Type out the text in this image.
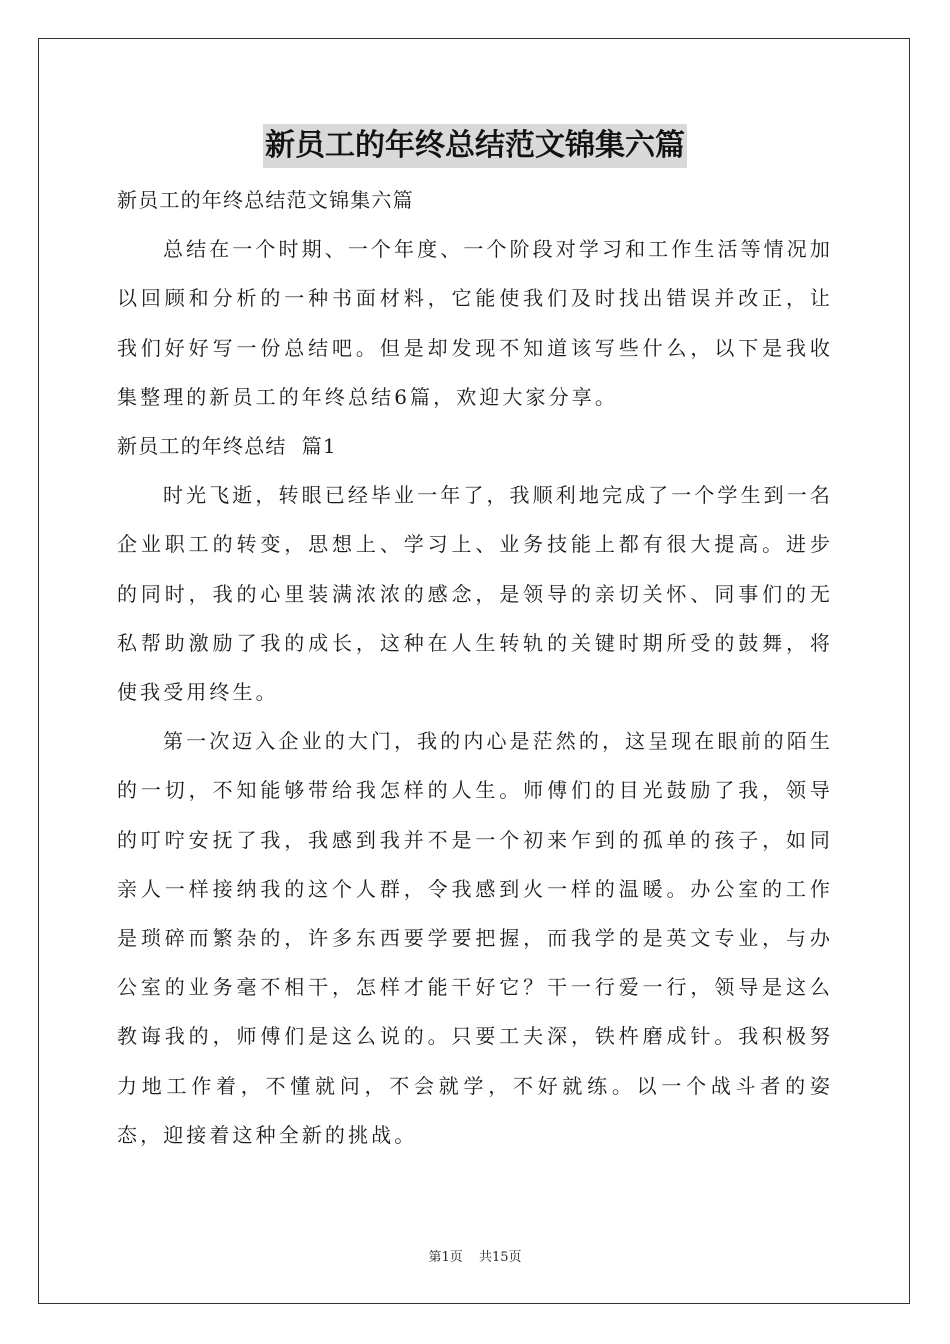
新员工的年终总结范文锦集六篇
新员工的年终总结范文锦集六篇

总结在一个时期、一个年度、一个阶段对学习和工作生活等情况加以回顾和分析的一种书面材料，它能使我们及时找出错误并改正，让我们好好写一份总结吧。但是却发现不知道该写些什么，以下是我收集整理的新员工的年终总结6篇，欢迎大家分享。

新员工的年终总结  篇1

时光飞逝，转眼已经毕业一年了，我顺利地完成了一个学生到一名企业职工的转变，思想上、学习上、业务技能上都有很大提高。进步的同时，我的心里装满浓浓的感念，是领导的亲切关怀、同事们的无私帮助激励了我的成长，这种在人生转轨的关键时期所受的鼓舞，将使我受用终生。

第一次迈入企业的大门，我的内心是茫然的，这呈现在眼前的陌生的一切，不知能够带给我怎样的人生。师傅们的目光鼓励了我，领导的叮咛安抚了我，我感到我并不是一个初来乍到的孤单的孩子，如同亲人一样接纳我的这个人群，令我感到火一样的温暖。办公室的工作是琐碎而繁杂的，许多东西要学要把握，而我学的是英文专业，与办公室的业务毫不相干，怎样才能干好它？干一行爱一行，领导是这么教诲我的，师傅们是这么说的。只要工夫深，铁杵磨成针。我积极努力地工作着，不懂就问，不会就学，不好就练。以一个战斗者的姿态，迎接着这种全新的挑战。

第1页 共15页
